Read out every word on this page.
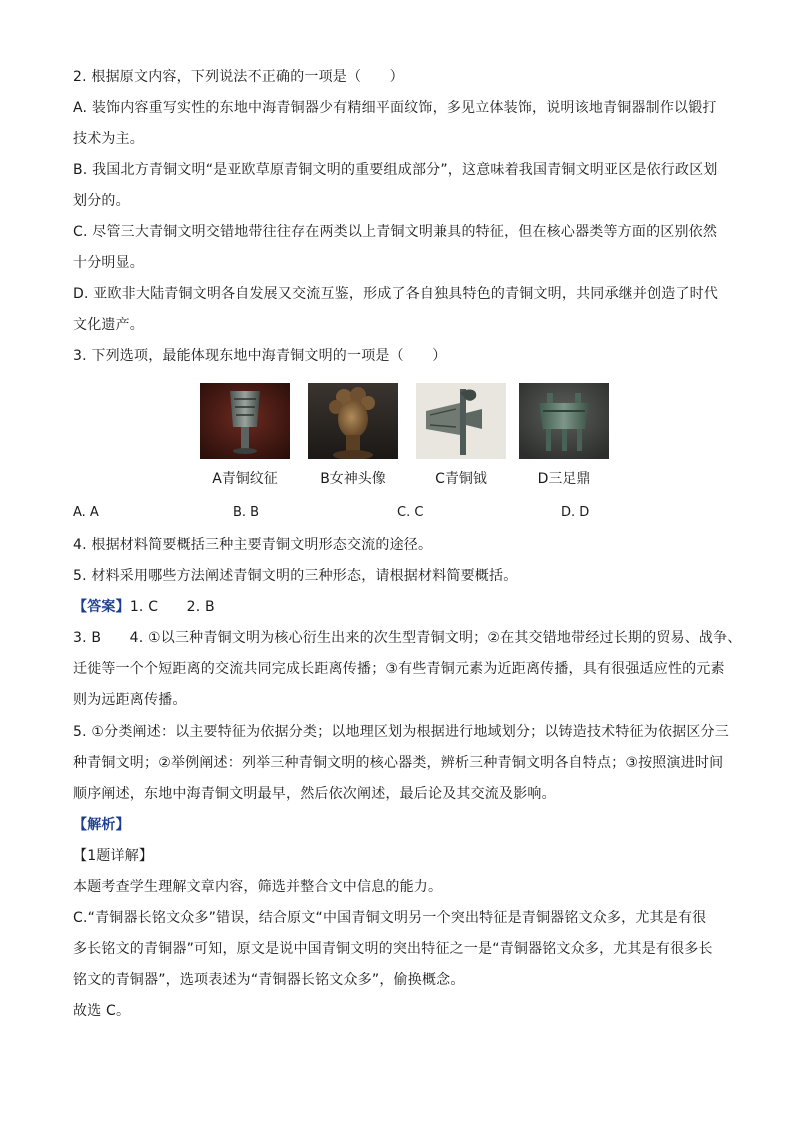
2. 根据原文内容，下列说法不正确的一项是（　　）
A. 装饰内容重写实性的东地中海青铜器少有精细平面纹饰，多见立体装饰，说明该地青铜器制作以锻打
技术为主。
B. 我国北方青铜文明“是亚欧草原青铜文明的重要组成部分”，这意味着我国青铜文明亚区是依行政区划
划分的。
C. 尽管三大青铜文明交错地带往往存在两类以上青铜文明兼具的特征，但在核心器类等方面的区别依然
十分明显。
D. 亚欧非大陆青铜文明各自发展又交流互鉴，形成了各自独具特色的青铜文明，共同承继并创造了时代
文化遗产。
3. 下列选项，最能体现东地中海青铜文明的一项是（　　）
A青铜纹征	B女神头像	C青铜钺	D三足鼎
A. A	B. B	C. C	D. D
4. 根据材料简要概括三种主要青铜文明形态交流的途径。
5. 材料采用哪些方法阐述青铜文明的三种形态，请根据材料简要概括。
【答案】1. C　　2. B
3. B　　4. ①以三种青铜文明为核心衍生出来的次生型青铜文明；②在其交错地带经过长期的贸易、战争、
迁徙等一个个短距离的交流共同完成长距离传播；③有些青铜元素为近距离传播，具有很强适应性的元素
则为远距离传播。
5. ①分类阐述：以主要特征为依据分类；以地理区划为根据进行地域划分；以铸造技术特征为依据区分三
种青铜文明；②举例阐述：列举三种青铜文明的核心器类，辨析三种青铜文明各自特点；③按照演进时间
顺序阐述，东地中海青铜文明最早，然后依次阐述，最后论及其交流及影响。
【解析】
【1题详解】
本题考查学生理解文章内容，筛选并整合文中信息的能力。
C.“青铜器长铭文众多”错误，结合原文“中国青铜文明另一个突出特征是青铜器铭文众多，尤其是有很
多长铭文的青铜器”可知，原文是说中国青铜文明的突出特征之一是“青铜器铭文众多，尤其是有很多长
铭文的青铜器”，选项表述为“青铜器长铭文众多”，偷换概念。
故选 C。
